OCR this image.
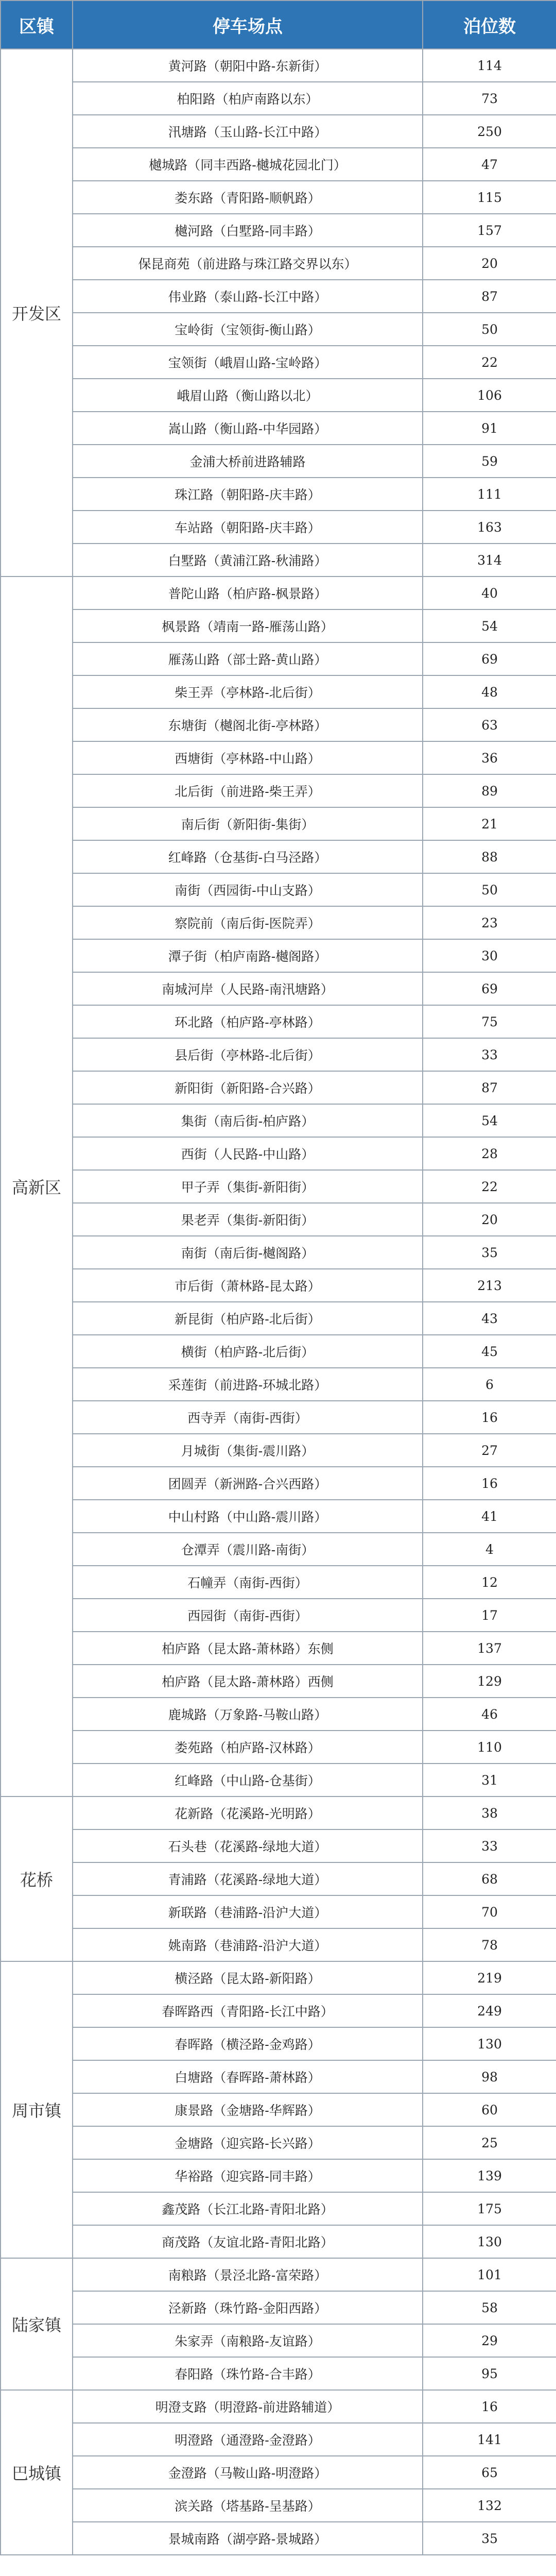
区镇	停车场点	泊位数
开发区	黄河路（朝阳中路-东新街）	114
	柏阳路（柏庐南路以东）	73
	汛塘路（玉山路-长江中路）	250
	樾城路（同丰西路-樾城花园北门）	47
	娄东路（青阳路-顺帆路）	115
	樾河路（白墅路-同丰路）	157
	保昆商苑（前进路与珠江路交界以东）	20
	伟业路（泰山路-长江中路）	87
	宝岭街（宝领街-衡山路）	50
	宝领街（峨眉山路-宝岭路）	22
	峨眉山路（衡山路以北）	106
	嵩山路（衡山路-中华园路）	91
	金浦大桥前进路辅路	59
	珠江路（朝阳路-庆丰路）	111
	车站路（朝阳路-庆丰路）	163
	白墅路（黄浦江路-秋浦路）	314
高新区	普陀山路（柏庐路-枫景路）	40
	枫景路（靖南一路-雁荡山路）	54
	雁荡山路（部士路-黄山路）	69
	柴王弄（亭林路-北后街）	48
	东塘街（樾阁北街-亭林路）	63
	西塘街（亭林路-中山路）	36
	北后街（前进路-柴王弄）	89
	南后街（新阳街-集街）	21
	红峰路（仓基街-白马泾路）	88
	南街（西园街-中山支路）	50
	察院前（南后街-医院弄）	23
	潭子街（柏庐南路-樾阁路）	30
	南城河岸（人民路-南汛塘路）	69
	环北路（柏庐路-亭林路）	75
	县后街（亭林路-北后街）	33
	新阳街（新阳路-合兴路）	87
	集街（南后街-柏庐路）	54
	西街（人民路-中山路）	28
	甲子弄（集街-新阳街）	22
	果老弄（集街-新阳街）	20
	南街（南后街-樾阁路）	35
	市后街（萧林路-昆太路）	213
	新昆街（柏庐路-北后街）	43
	横街（柏庐路-北后街）	45
	采莲街（前进路-环城北路）	6
	西寺弄（南街-西街）	16
	月城街（集街-震川路）	27
	团圆弄（新洲路-合兴西路）	16
	中山村路（中山路-震川路）	41
	仓潭弄（震川路-南街）	4
	石幢弄（南街-西街）	12
	西园街（南街-西街）	17
	柏庐路（昆太路-萧林路）东侧	137
	柏庐路（昆太路-萧林路）西侧	129
	鹿城路（万象路-马鞍山路）	46
	娄苑路（柏庐路-汉林路）	110
	红峰路（中山路-仓基街）	31
花桥	花新路（花溪路-光明路）	38
	石头巷（花溪路-绿地大道）	33
	青浦路（花溪路-绿地大道）	68
	新联路（巷浦路-沿沪大道）	70
	姚南路（巷浦路-沿沪大道）	78
周市镇	横泾路（昆太路-新阳路）	219
	春晖路西（青阳路-长江中路）	249
	春晖路（横泾路-金鸡路）	130
	白塘路（春晖路-萧林路）	98
	康景路（金塘路-华辉路）	60
	金塘路（迎宾路-长兴路）	25
	华裕路（迎宾路-同丰路）	139
	鑫茂路（长江北路-青阳北路）	175
	商茂路（友谊北路-青阳北路）	130
陆家镇	南粮路（景泾北路-富荣路）	101
	泾新路（珠竹路-金阳西路）	58
	朱家弄（南粮路-友谊路）	29
	春阳路（珠竹路-合丰路）	95
巴城镇	明澄支路（明澄路-前进路辅道）	16
	明澄路（通澄路-金澄路）	141
	金澄路（马鞍山路-明澄路）	65
	滨关路（塔基路-呈基路）	132
	景城南路（湖亭路-景城路）	35
